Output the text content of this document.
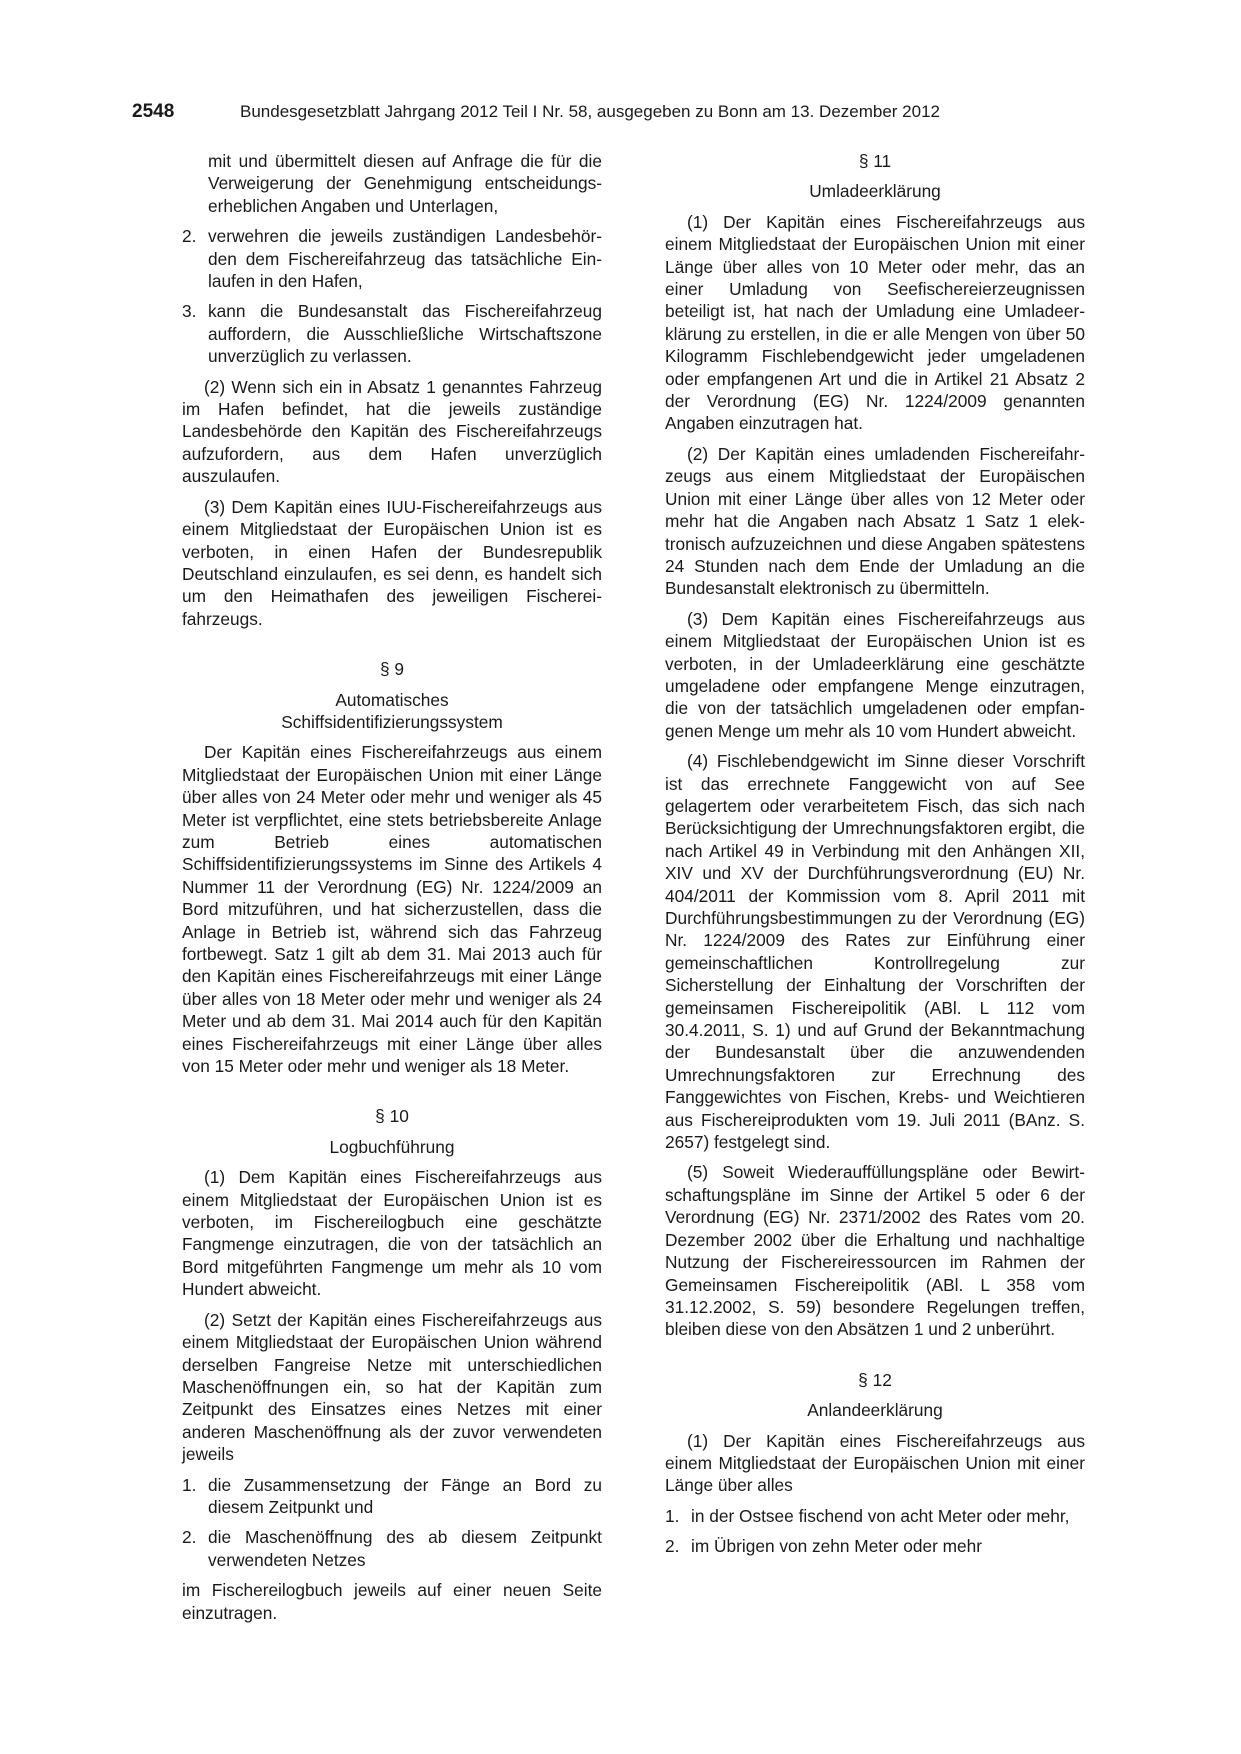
2548	Bundesgesetzblatt Jahrgang 2012 Teil I Nr. 58, ausgegeben zu Bonn am 13. Dezember 2012

mit und übermittelt diesen auf Anfrage die für die Verweigerung der Genehmigung entscheidungserheblichen Angaben und Unterlagen,

2. verwehren die jeweils zuständigen Landesbehörden dem Fischereifahrzeug das tatsächliche Einlaufen in den Hafen,
3. kann die Bundesanstalt das Fischereifahrzeug auffordern, die Ausschließliche Wirtschaftszone unverzüglich zu verlassen.

(2) Wenn sich ein in Absatz 1 genanntes Fahrzeug im Hafen befindet, hat die jeweils zuständige Landesbehörde den Kapitän des Fischereifahrzeugs aufzufordern, aus dem Hafen unverzüglich auszulaufen.

(3) Dem Kapitän eines IUU-Fischereifahrzeugs aus einem Mitgliedstaat der Europäischen Union ist es verboten, in einen Hafen der Bundesrepublik Deutschland einzulaufen, es sei denn, es handelt sich um den Heimathafen des jeweiligen Fischereifahrzeugs.

§ 9
Automatisches
Schiffsidentifizierungssystem

Der Kapitän eines Fischereifahrzeugs aus einem Mitgliedstaat der Europäischen Union mit einer Länge über alles von 24 Meter oder mehr und weniger als 45 Meter ist verpflichtet, eine stets betriebsbereite Anlage zum Betrieb eines automatischen Schiffsidentifizierungssystems im Sinne des Artikels 4 Nummer 11 der Verordnung (EG) Nr. 1224/2009 an Bord mitzuführen, und hat sicherzustellen, dass die Anlage in Betrieb ist, während sich das Fahrzeug fortbewegt. Satz 1 gilt ab dem 31. Mai 2013 auch für den Kapitän eines Fischereifahrzeugs mit einer Länge über alles von 18 Meter oder mehr und weniger als 24 Meter und ab dem 31. Mai 2014 auch für den Kapitän eines Fischereifahrzeugs mit einer Länge über alles von 15 Meter oder mehr und weniger als 18 Meter.

§ 10
Logbuchführung

(1) Dem Kapitän eines Fischereifahrzeugs aus einem Mitgliedstaat der Europäischen Union ist es verboten, im Fischereilogbuch eine geschätzte Fangmenge einzutragen, die von der tatsächlich an Bord mitgeführten Fangmenge um mehr als 10 vom Hundert abweicht.

(2) Setzt der Kapitän eines Fischereifahrzeugs aus einem Mitgliedstaat der Europäischen Union während derselben Fangreise Netze mit unterschiedlichen Maschenöffnungen ein, so hat der Kapitän zum Zeitpunkt des Einsatzes eines Netzes mit einer anderen Maschenöffnung als der zuvor verwendeten jeweils

1. die Zusammensetzung der Fänge an Bord zu diesem Zeitpunkt und
2. die Maschenöffnung des ab diesem Zeitpunkt verwendeten Netzes

im Fischereilogbuch jeweils auf einer neuen Seite einzutragen.

§ 11
Umladeerklärung

(1) Der Kapitän eines Fischereifahrzeugs aus einem Mitgliedstaat der Europäischen Union mit einer Länge über alles von 10 Meter oder mehr, das an einer Umladung von Seefischereierzeugnissen beteiligt ist, hat nach der Umladung eine Umladeerklärung zu erstellen, in die er alle Mengen von über 50 Kilogramm Fischlebendgewicht jeder umgeladenen oder empfangenen Art und die in Artikel 21 Absatz 2 der Verordnung (EG) Nr. 1224/2009 genannten Angaben einzutragen hat.

(2) Der Kapitän eines umladenden Fischereifahrzeugs aus einem Mitgliedstaat der Europäischen Union mit einer Länge über alles von 12 Meter oder mehr hat die Angaben nach Absatz 1 Satz 1 elektronisch aufzuzeichnen und diese Angaben spätestens 24 Stunden nach dem Ende der Umladung an die Bundesanstalt elektronisch zu übermitteln.

(3) Dem Kapitän eines Fischereifahrzeugs aus einem Mitgliedstaat der Europäischen Union ist es verboten, in der Umladeerklärung eine geschätzte umgeladene oder empfangene Menge einzutragen, die von der tatsächlich umgeladenen oder empfangenen Menge um mehr als 10 vom Hundert abweicht.

(4) Fischlebendgewicht im Sinne dieser Vorschrift ist das errechnete Fanggewicht von auf See gelagertem oder verarbeitetem Fisch, das sich nach Berücksichtigung der Umrechnungsfaktoren ergibt, die nach Artikel 49 in Verbindung mit den Anhängen XII, XIV und XV der Durchführungsverordnung (EU) Nr. 404/2011 der Kommission vom 8. April 2011 mit Durchführungsbestimmungen zu der Verordnung (EG) Nr. 1224/2009 des Rates zur Einführung einer gemeinschaftlichen Kontrollregelung zur Sicherstellung der Einhaltung der Vorschriften der gemeinsamen Fischereipolitik (ABl. L 112 vom 30.4.2011, S. 1) und auf Grund der Bekanntmachung der Bundesanstalt über die anzuwendenden Umrechnungsfaktoren zur Errechnung des Fanggewichtes von Fischen, Krebs- und Weichtieren aus Fischereiprodukten vom 19. Juli 2011 (BAnz. S. 2657) festgelegt sind.

(5) Soweit Wiederauffüllungspläne oder Bewirtschaftungspläne im Sinne der Artikel 5 oder 6 der Verordnung (EG) Nr. 2371/2002 des Rates vom 20. Dezember 2002 über die Erhaltung und nachhaltige Nutzung der Fischereiressourcen im Rahmen der Gemeinsamen Fischereipolitik (ABl. L 358 vom 31.12.2002, S. 59) besondere Regelungen treffen, bleiben diese von den Absätzen 1 und 2 unberührt.

§ 12
Anlandeerklärung

(1) Der Kapitän eines Fischereifahrzeugs aus einem Mitgliedstaat der Europäischen Union mit einer Länge über alles

1. in der Ostsee fischend von acht Meter oder mehr,
2. im Übrigen von zehn Meter oder mehr
